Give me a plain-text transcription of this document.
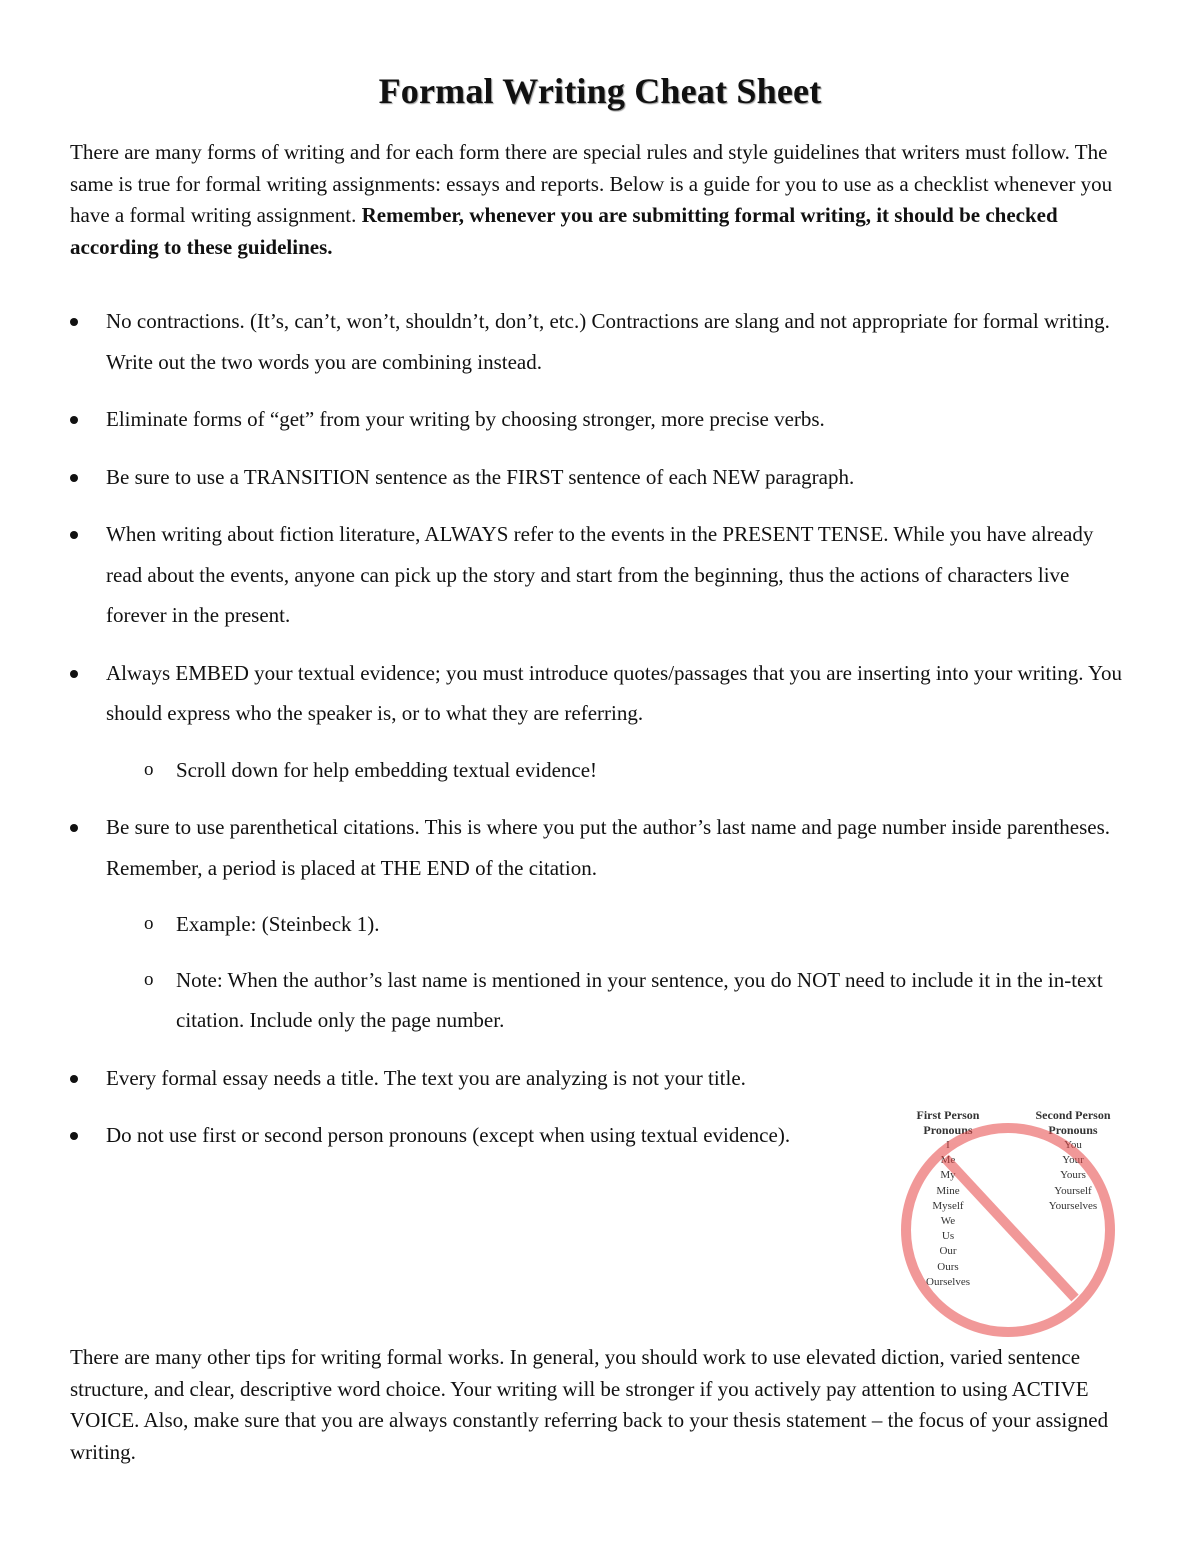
Formal Writing Cheat Sheet
There are many forms of writing and for each form there are special rules and style guidelines that writers must follow. The same is true for formal writing assignments: essays and reports. Below is a guide for you to use as a checklist whenever you have a formal writing assignment. Remember, whenever you are submitting formal writing, it should be checked according to these guidelines.
No contractions. (It’s, can’t, won’t, shouldn’t, don’t, etc.) Contractions are slang and not appropriate for formal writing. Write out the two words you are combining instead.
Eliminate forms of “get” from your writing by choosing stronger, more precise verbs.
Be sure to use a TRANSITION sentence as the FIRST sentence of each NEW paragraph.
When writing about fiction literature, ALWAYS refer to the events in the PRESENT TENSE. While you have already read about the events, anyone can pick up the story and start from the beginning, thus the actions of characters live forever in the present.
Always EMBED your textual evidence; you must introduce quotes/passages that you are inserting into your writing. You should express who the speaker is, or to what they are referring.
o
Scroll down for help embedding textual evidence!
Be sure to use parenthetical citations. This is where you put the author’s last name and page number inside parentheses. Remember, a period is placed at THE END of the citation.
o
Example: (Steinbeck 1).
o
Note: When the author’s last name is mentioned in your sentence, you do NOT need to include it in the in-text citation. Include only the page number.
Every formal essay needs a title. The text you are analyzing is not your title.
Do not use first or second person pronouns (except when using textual evidence).
First Person Pronouns
I
Me
My
Mine
Myself
We
Us
Our
Ours
Ourselves
Second Person Pronouns
You
Your
Yours
Yourself
Yourselves
There are many other tips for writing formal works. In general, you should work to use elevated diction, varied sentence structure, and clear, descriptive word choice. Your writing will be stronger if you actively pay attention to using ACTIVE VOICE. Also, make sure that you are always constantly referring back to your thesis statement – the focus of your assigned writing.
